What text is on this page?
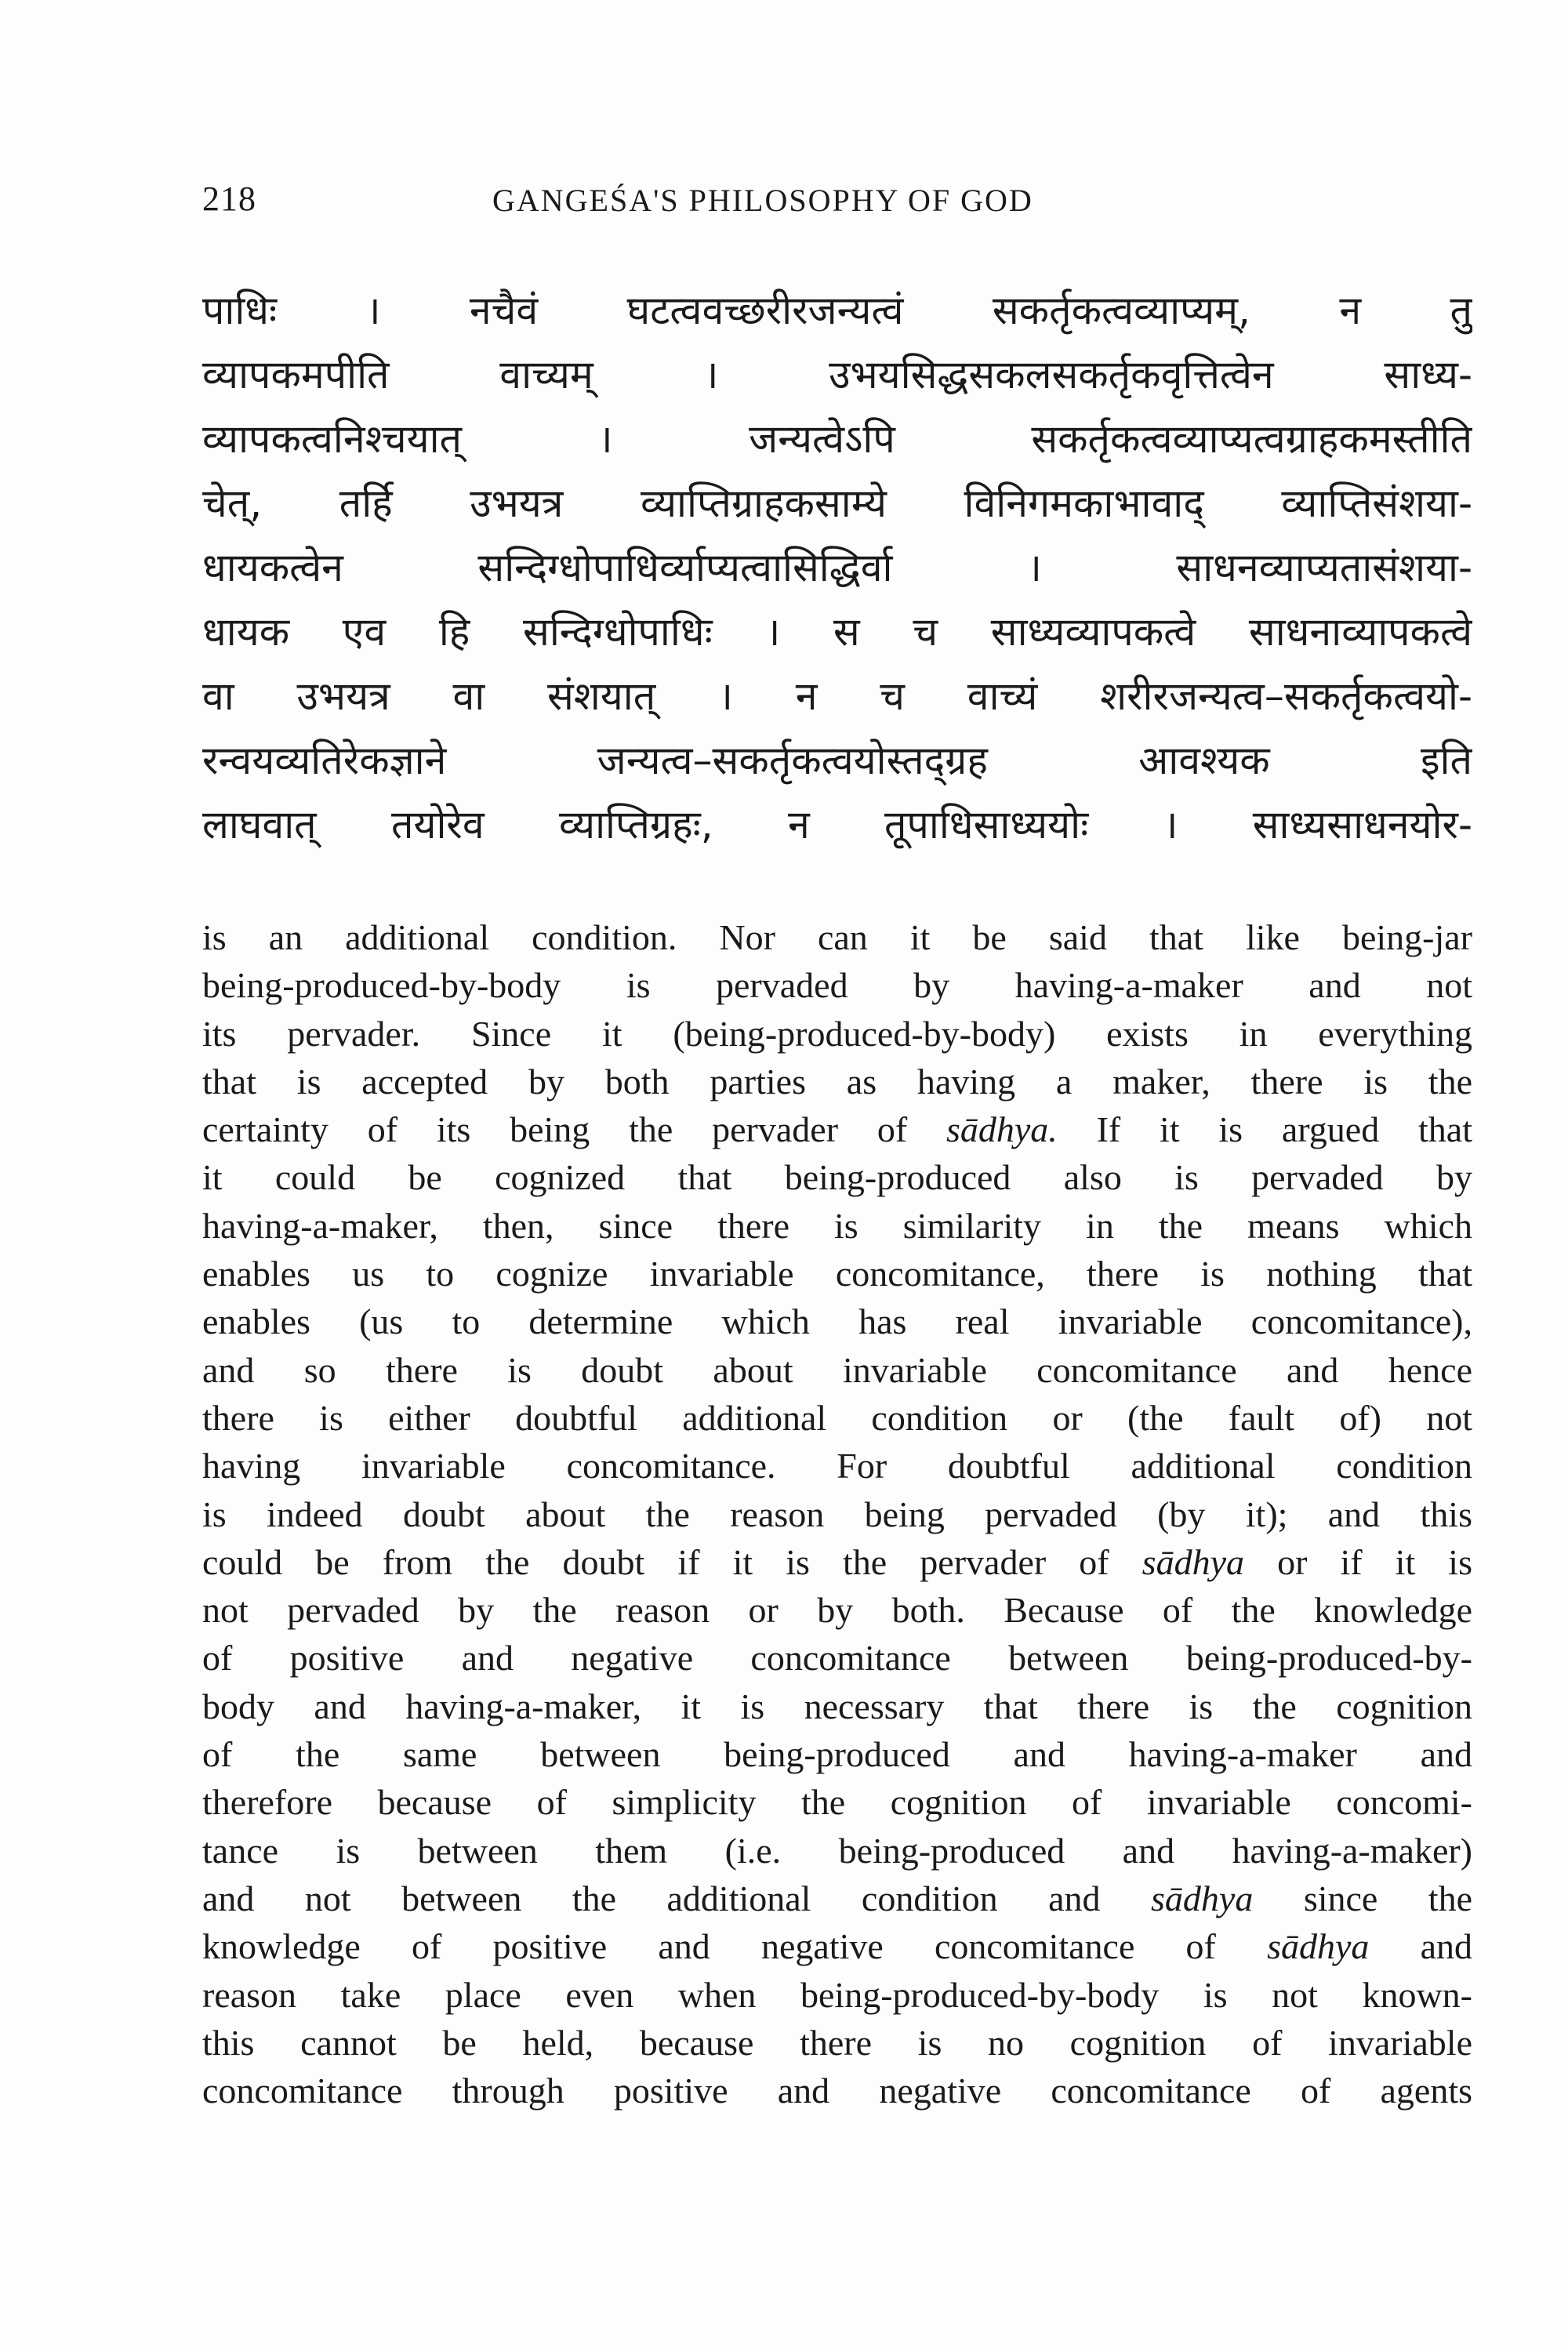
218	GANGEŚA'S PHILOSOPHY OF GOD
पाधिः । नचैवं घटत्ववच्छरीरजन्यत्वं सकर्तृकत्वव्याप्यम्, न तु
व्यापकमपीति वाच्यम् । उभयसिद्धसकलसकर्तृकवृत्तित्वेन साध्य-
व्यापकत्वनिश्चयात् । जन्यत्वेऽपि सकर्तृकत्वव्याप्यत्वग्राहकमस्तीति
चेत्, तर्हि उभयत्र व्याप्तिग्राहकसाम्ये विनिगमकाभावाद् व्याप्तिसंशया-
धायकत्वेन सन्दिग्धोपाधिर्व्याप्यत्वासिद्धिर्वा । साधनव्याप्यतासंशया-
धायक एव हि सन्दिग्धोपाधिः । स च साध्यव्यापकत्वे साधनाव्यापकत्वे
वा उभयत्र वा संशयात् । न च वाच्यं शरीरजन्यत्व–सकर्तृकत्वयो-
रन्वयव्यतिरेकज्ञाने जन्यत्व–सकर्तृकत्वयोस्तद्ग्रह आवश्यक इति
लाघवात् तयोरेव व्याप्तिग्रहः, न तूपाधिसाध्ययोः । साध्यसाधनयोर-
is an additional condition. Nor can it be said that like being-jar
being-produced-by-body is pervaded by having-a-maker and not
its pervader. Since it (being-produced-by-body) exists in everything
that is accepted by both parties as having a maker, there is the
certainty of its being the pervader of sādhya. If it is argued that
it could be cognized that being-produced also is pervaded by
having-a-maker, then, since there is similarity in the means which
enables us to cognize invariable concomitance, there is nothing that
enables (us to determine which has real invariable concomitance),
and so there is doubt about invariable concomitance and hence
there is either doubtful additional condition or (the fault of) not
having invariable concomitance. For doubtful additional condition
is indeed doubt about the reason being pervaded (by it); and this
could be from the doubt if it is the pervader of sādhya or if it is
not pervaded by the reason or by both. Because of the knowledge
of positive and negative concomitance between being-produced-by-
body and having-a-maker, it is necessary that there is the cognition
of the same between being-produced and having-a-maker and
therefore because of simplicity the cognition of invariable concomi-
tance is between them (i.e. being-produced and having-a-maker)
and not between the additional condition and sādhya since the
knowledge of positive and negative concomitance of sādhya and
reason take place even when being-produced-by-body is not known-
this cannot be held, because there is no cognition of invariable
concomitance through positive and negative concomitance of agents
